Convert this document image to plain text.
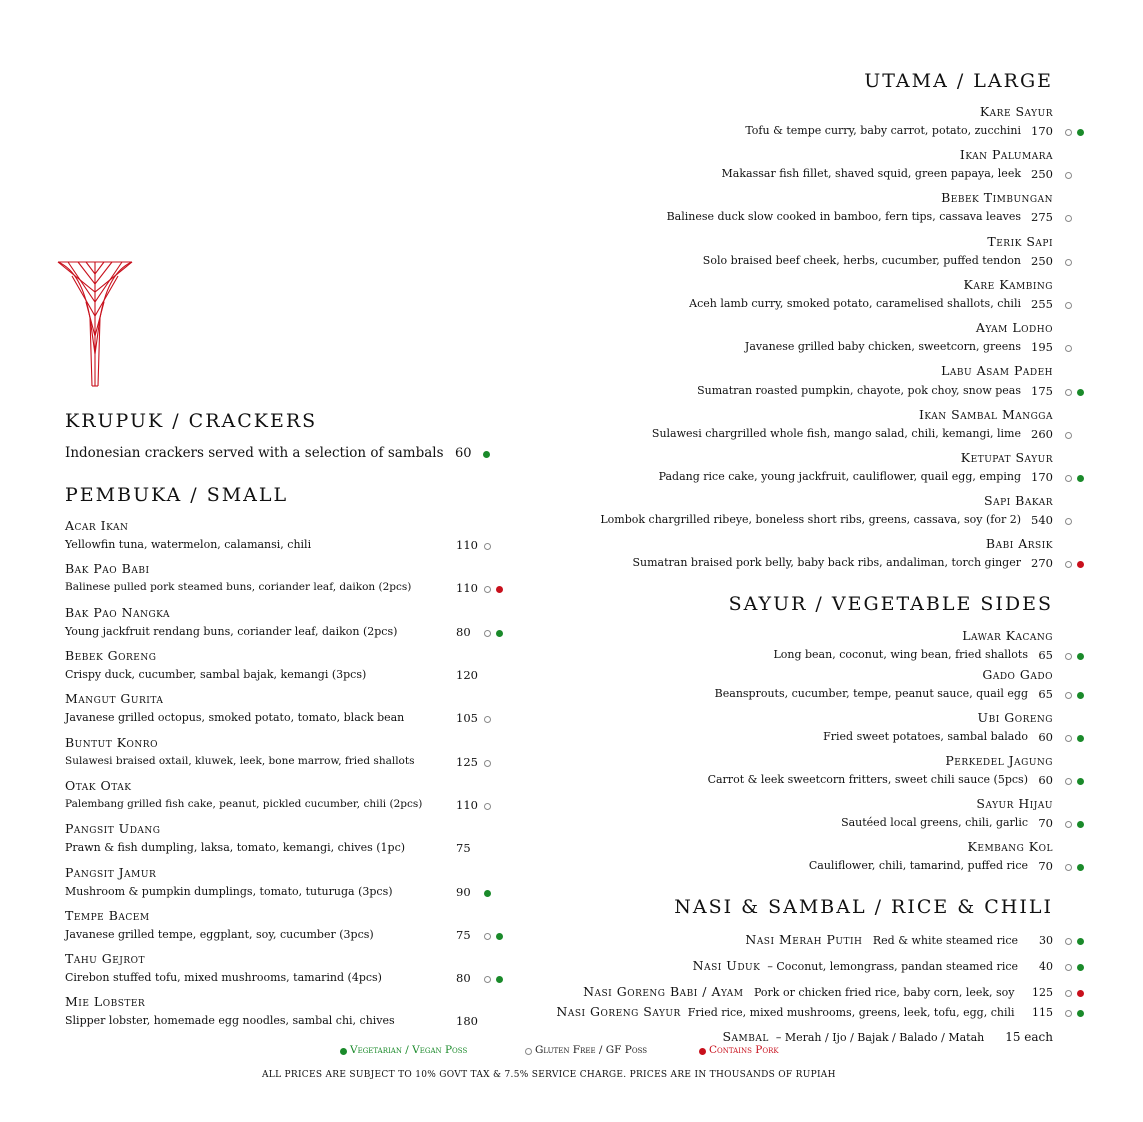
KRUPUK / CRACKERS
Indonesian crackers served with a selection of sambals 60
PEMBUKA / SMALL
Acar Ikan
Yellowfin tuna, watermelon, calamansi, chili	110
Bak Pao Babi
Balinese pulled pork steamed buns, coriander leaf, daikon (2pcs)	110
Bak Pao Nangka
Young jackfruit rendang buns, coriander leaf, daikon (2pcs)	80
Bebek Goreng
Crispy duck, cucumber, sambal bajak, kemangi (3pcs)	120
Mangut Gurita
Javanese grilled octopus, smoked potato, tomato, black bean	105
Buntut Konro
Sulawesi braised oxtail, kluwek, leek, bone marrow, fried shallots	125
Otak Otak
Palembang grilled fish cake, peanut, pickled cucumber, chili (2pcs)	110
Pangsit Udang
Prawn & fish dumpling, laksa, tomato, kemangi, chives (1pc)	75
Pangsit Jamur
Mushroom & pumpkin dumplings, tomato, tuturuga (3pcs)	90
Tempe Bacem
Javanese grilled tempe, eggplant, soy, cucumber (3pcs)	75
Tahu Gejrot
Cirebon stuffed tofu, mixed mushrooms, tamarind (4pcs)	80
Mie Lobster
Slipper lobster, homemade egg noodles, sambal chi, chives	180
UTAMA / LARGE
Kare Sayur
Tofu & tempe curry, baby carrot, potato, zucchini 170
Ikan Palumara
Makassar fish fillet, shaved squid, green papaya, leek 250
Bebek Timbungan
Balinese duck slow cooked in bamboo, fern tips, cassava leaves 275
Terik Sapi
Solo braised beef cheek, herbs, cucumber, puffed tendon 250
Kare Kambing
Aceh lamb curry, smoked potato, caramelised shallots, chili 255
Ayam Lodho
Javanese grilled baby chicken, sweetcorn, greens 195
Labu Asam Padeh
Sumatran roasted pumpkin, chayote, pok choy, snow peas 175
Ikan Sambal Mangga
Sulawesi chargrilled whole fish, mango salad, chili, kemangi, lime 260
Ketupat Sayur
Padang rice cake, young jackfruit, cauliflower, quail egg, emping 170
Sapi Bakar
Lombok chargrilled ribeye, boneless short ribs, greens, cassava, soy (for 2) 540
Babi Arsik
Sumatran braised pork belly, baby back ribs, andaliman, torch ginger 270
SAYUR / VEGETABLE SIDES
Lawar Kacang
Long bean, coconut, wing bean, fried shallots 65
Gado Gado
Beansprouts, cucumber, tempe, peanut sauce, quail egg 65
Ubi Goreng
Fried sweet potatoes, sambal balado 60
Perkedel Jagung
Carrot & leek sweetcorn fritters, sweet chili sauce (5pcs) 60
Sayur Hijau
Sautéed local greens, chili, garlic 70
Kembang Kol
Cauliflower, chili, tamarind, puffed rice 70
NASI & SAMBAL / RICE & CHILI
Nasi Merah Putih Red & white steamed rice 30
Nasi Uduk – Coconut, lemongrass, pandan steamed rice 40
Nasi Goreng Babi / Ayam Pork or chicken fried rice, baby corn, leek, soy 125
Nasi Goreng Sayur Fried rice, mixed mushrooms, greens, leek, tofu, egg, chili 115
Sambal – Merah / Ijo / Bajak / Balado / Matah 15 each
Vegetarian / Vegan Poss	Gluten Free / GF Poss	Contains Pork
ALL PRICES ARE SUBJECT TO 10% GOVT TAX & 7.5% SERVICE CHARGE. PRICES ARE IN THOUSANDS OF RUPIAH
